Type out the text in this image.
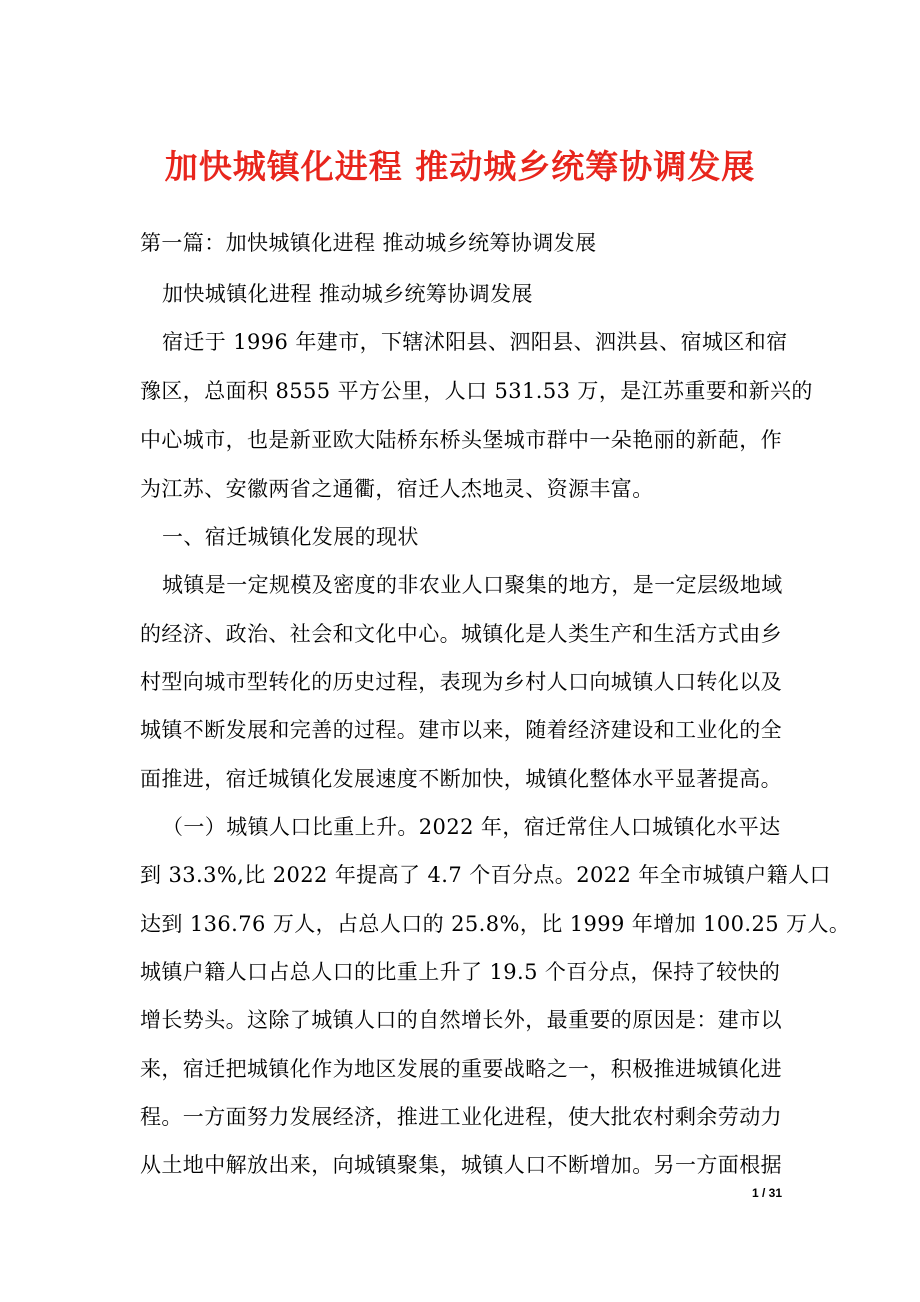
加快城镇化进程 推动城乡统筹协调发展
第一篇：加快城镇化进程 推动城乡统筹协调发展
加快城镇化进程 推动城乡统筹协调发展
宿迁于 1996 年建市，下辖沭阳县、泗阳县、泗洪县、宿城区和宿
豫区，总面积 8555 平方公里，人口 531.53 万，是江苏重要和新兴的
中心城市，也是新亚欧大陆桥东桥头堡城市群中一朵艳丽的新葩，作
为江苏、安徽两省之通衢，宿迁人杰地灵、资源丰富。
一、宿迁城镇化发展的现状
城镇是一定规模及密度的非农业人口聚集的地方，是一定层级地域
的经济、政治、社会和文化中心。城镇化是人类生产和生活方式由乡
村型向城市型转化的历史过程，表现为乡村人口向城镇人口转化以及
城镇不断发展和完善的过程。建市以来，随着经济建设和工业化的全
面推进，宿迁城镇化发展速度不断加快，城镇化整体水平显著提高。
（一）城镇人口比重上升。2022 年，宿迁常住人口城镇化水平达
到 33.3%,比 2022 年提高了 4.7 个百分点。2022 年全市城镇户籍人口
达到 136.76 万人，占总人口的 25.8%，比 1999 年增加 100.25 万人。
城镇户籍人口占总人口的比重上升了 19.5 个百分点，保持了较快的
增长势头。这除了城镇人口的自然增长外，最重要的原因是：建市以
来，宿迁把城镇化作为地区发展的重要战略之一，积极推进城镇化进
程。一方面努力发展经济，推进工业化进程，使大批农村剩余劳动力
从土地中解放出来，向城镇聚集，城镇人口不断增加。另一方面根据
1 / 31
